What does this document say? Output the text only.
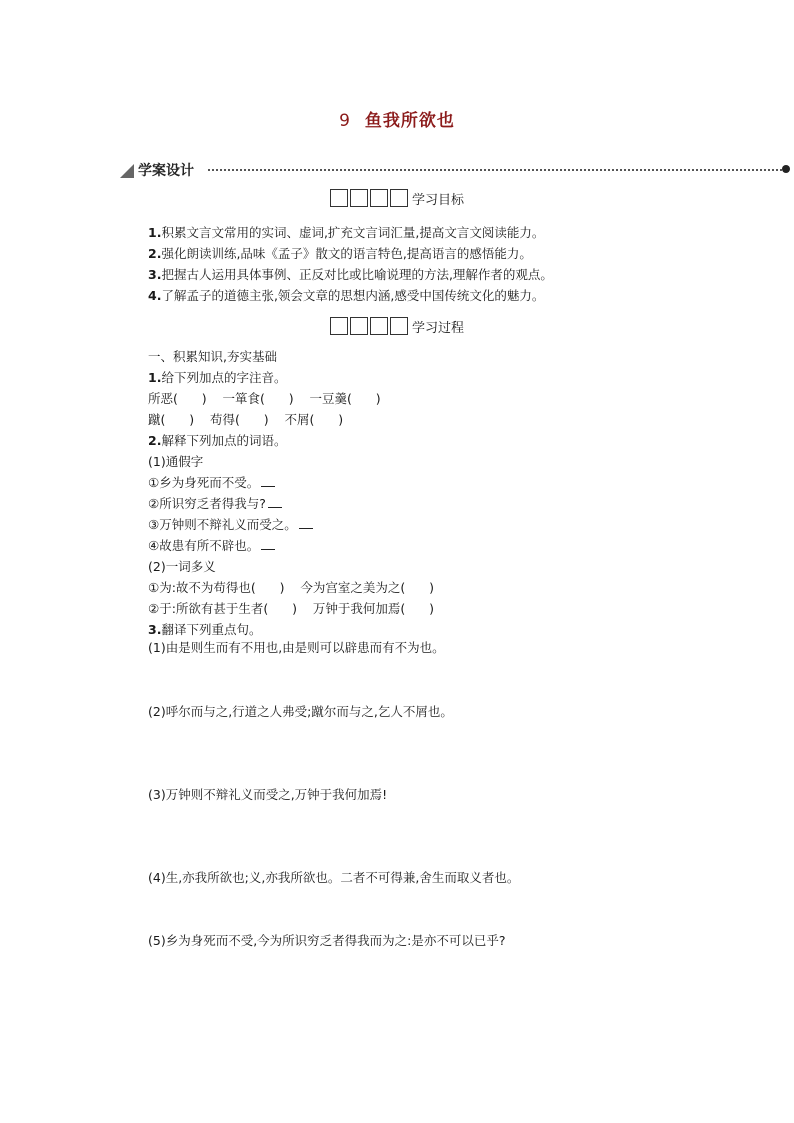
9 鱼我所欲也
学案设计
学习目标
1.积累文言文常用的实词、虚词,扩充文言词汇量,提高文言文阅读能力。
2.强化朗读训练,品味《孟子》散文的语言特色,提高语言的感悟能力。
3.把握古人运用具体事例、正反对比或比喻说理的方法,理解作者的观点。
4.了解孟子的道德主张,领会文章的思想内涵,感受中国传统文化的魅力。
学习过程
一、积累知识,夯实基础
1.给下列加点的字注音。
所恶(      )    一箪食(      )    一豆羹(      )
蹴(      )    苟得(      )    不屑(      )
2.解释下列加点的词语。
(1)通假字
①乡为身死而不受。
②所识穷乏者得我与?
③万钟则不辩礼义而受之。
④故患有所不辟也。
(2)一词多义
①为:故不为苟得也(      )    今为宫室之美为之(      )
②于:所欲有甚于生者(      )    万钟于我何加焉(      )
3.翻译下列重点句。
(1)由是则生而有不用也,由是则可以辟患而有不为也。
(2)呼尔而与之,行道之人弗受;蹴尔而与之,乞人不屑也。
(3)万钟则不辩礼义而受之,万钟于我何加焉!
(4)生,亦我所欲也;义,亦我所欲也。二者不可得兼,舍生而取义者也。
(5)乡为身死而不受,今为所识穷乏者得我而为之:是亦不可以已乎?
